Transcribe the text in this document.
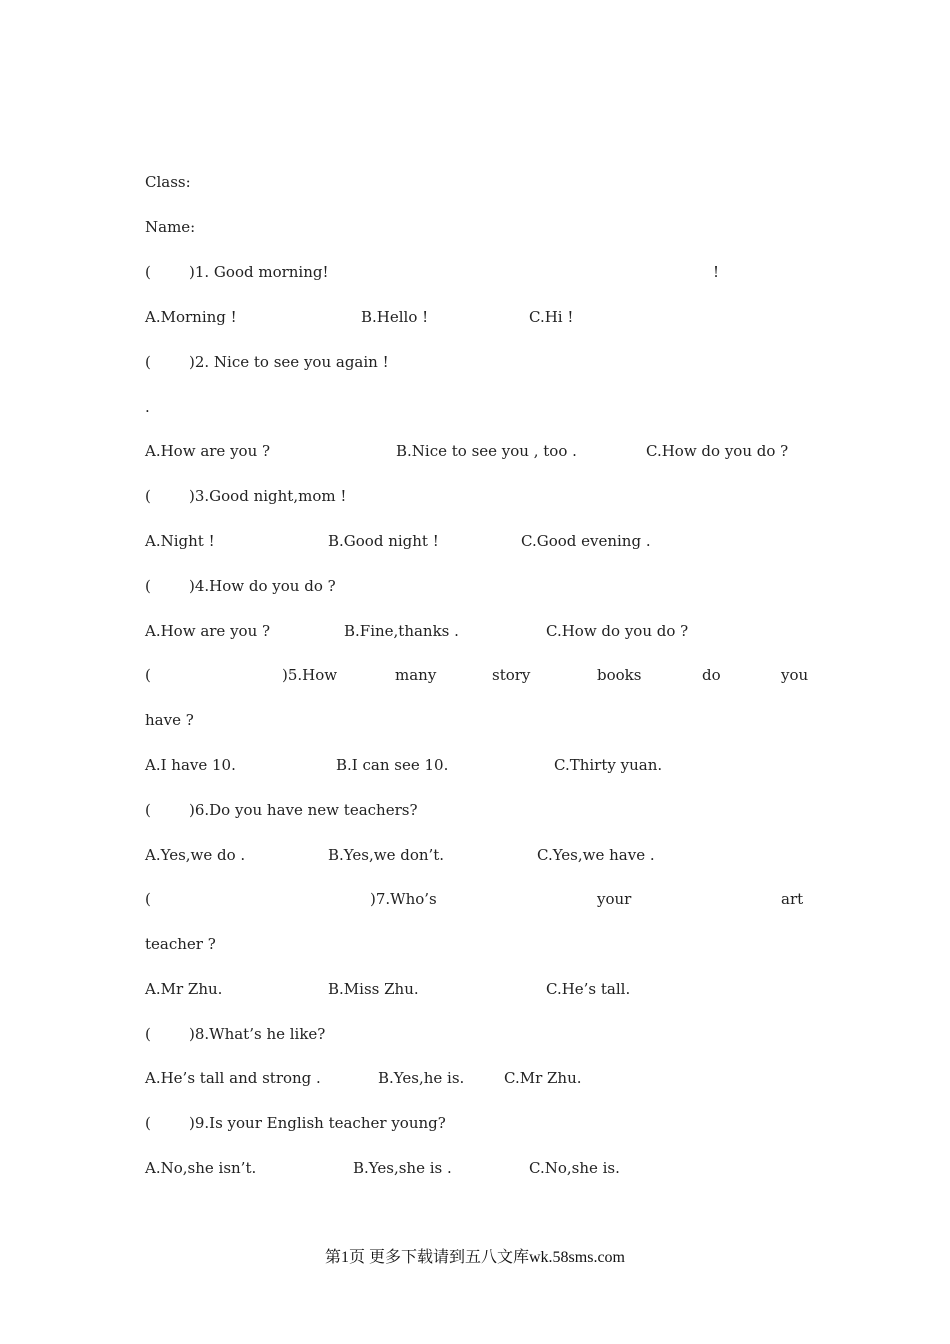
Class:
Name:
(        )1. Good morning!	!
A.Morning !	B.Hello !	C.Hi !
(        )2. Nice to see you again !
.
A.How are you ?	B.Nice to see you , too .	C.How do you do ?
(        )3.Good night,mom !
A.Night !	B.Good night !	C.Good evening .
(        )4.How do you do ?
A.How are you ?	B.Fine,thanks .	C.How do you do ?
(	)5.How	many	story	books	do	you
have ?
A.I have 10.	B.I can see 10.	C.Thirty yuan.
(        )6.Do you have new teachers?
A.Yes,we do .	B.Yes,we don’t.	C.Yes,we have .
(	)7.Who’s	your	art
teacher ?
A.Mr Zhu.	B.Miss Zhu.	C.He’s tall.
(        )8.What’s he like?
A.He’s tall and strong .	B.Yes,he is.	C.Mr Zhu.
(        )9.Is your English teacher young?
A.No,she isn’t.	B.Yes,she is .	C.No,she is.
第1页 更多下载请到五八文库wk.58sms.com
